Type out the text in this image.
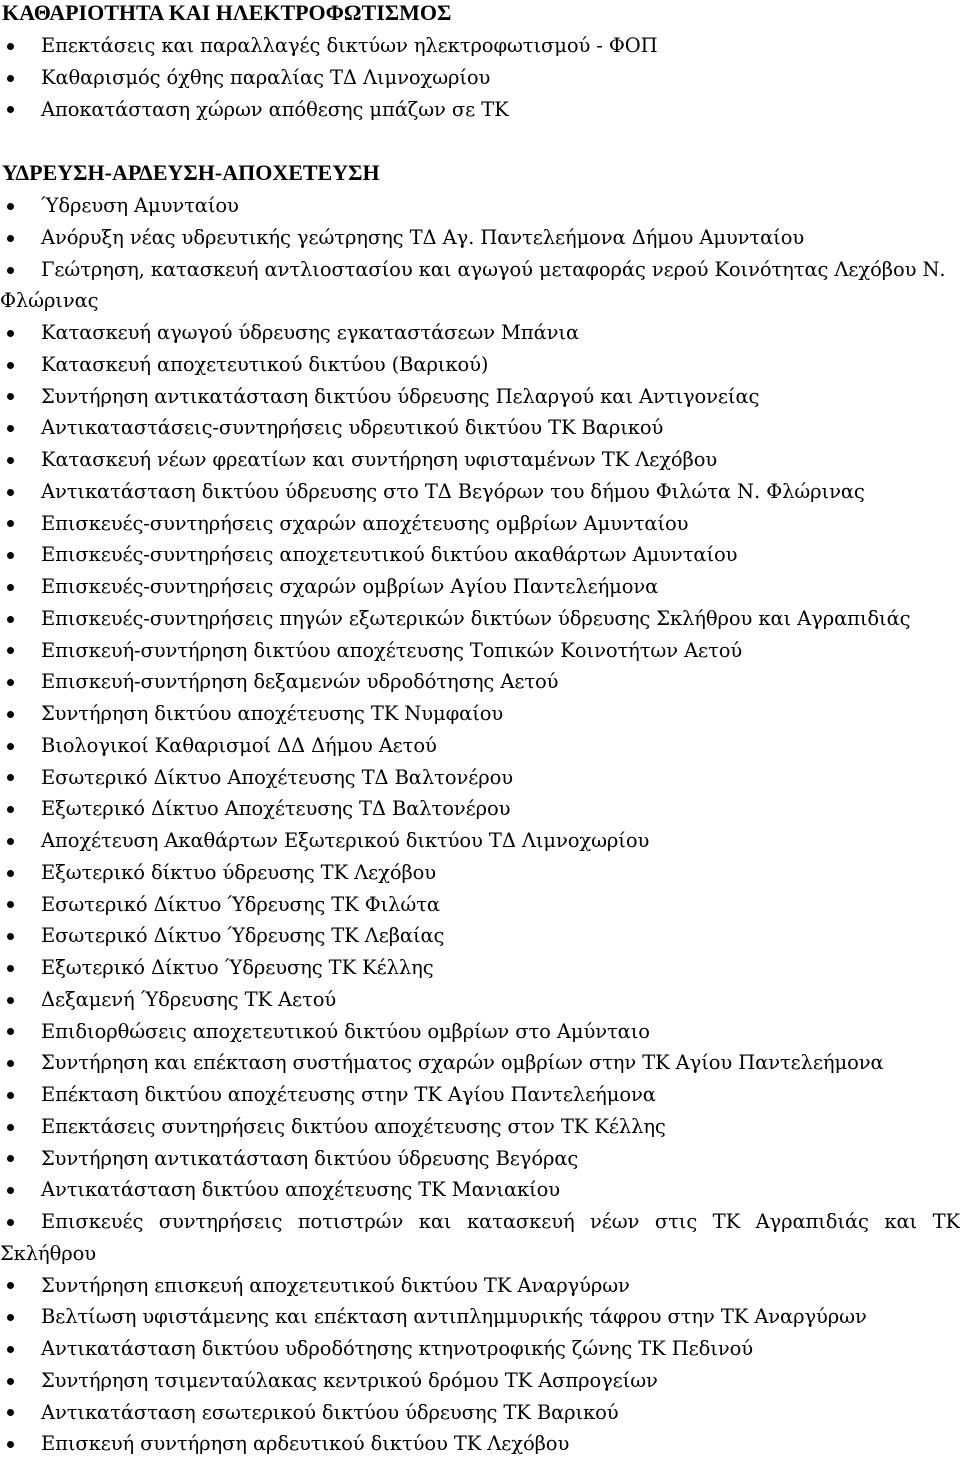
ΚΑΘΑΡΙΟΤΗΤΑ ΚΑΙ ΗΛΕΚΤΡΟΦΩΤΙΣΜΟΣ
Επεκτάσεις και παραλλαγές δικτύων ηλεκτροφωτισμού - ΦΟΠ
Καθαρισμός όχθης παραλίας ΤΔ Λιμνοχωρίου
Αποκατάσταση χώρων απόθεσης μπάζων σε ΤΚ
ΥΔΡΕΥΣΗ-ΑΡΔΕΥΣΗ-ΑΠΟΧΕΤΕΥΣΗ
Ύδρευση Αμυνταίου
Ανόρυξη νέας υδρευτικής γεώτρησης ΤΔ Αγ. Παντελεήμονα Δήμου Αμυνταίου
Γεώτρηση, κατασκευή αντλιοστασίου και αγωγού μεταφοράς νερού Κοινότητας Λεχόβου Ν. Φλώρινας
Κατασκευή αγωγού ύδρευσης εγκαταστάσεων Μπάνια
Κατασκευή αποχετευτικού δικτύου (Βαρικού)
Συντήρηση αντικατάσταση δικτύου ύδρευσης Πελαργού και Αντιγονείας
Αντικαταστάσεις-συντηρήσεις υδρευτικού δικτύου ΤΚ Βαρικού
Κατασκευή νέων φρεατίων και συντήρηση υφισταμένων ΤΚ Λεχόβου
Αντικατάσταση δικτύου ύδρευσης στο ΤΔ Βεγόρων του δήμου Φιλώτα Ν. Φλώρινας
Επισκευές-συντηρήσεις σχαρών αποχέτευσης ομβρίων Αμυνταίου
Επισκευές-συντηρήσεις αποχετευτικού δικτύου ακαθάρτων Αμυνταίου
Επισκευές-συντηρήσεις σχαρών ομβρίων Αγίου Παντελεήμονα
Επισκευές-συντηρήσεις πηγών εξωτερικών δικτύων ύδρευσης Σκλήθρου και Αγραπιδιάς
Επισκευή-συντήρηση δικτύου αποχέτευσης Τοπικών Κοινοτήτων Αετού
Επισκευή-συντήρηση δεξαμενών υδροδότησης Αετού
Συντήρηση δικτύου αποχέτευσης ΤΚ Νυμφαίου
Βιολογικοί Καθαρισμοί ΔΔ Δήμου Αετού
Εσωτερικό Δίκτυο Αποχέτευσης ΤΔ Βαλτονέρου
Εξωτερικό Δίκτυο Αποχέτευσης ΤΔ Βαλτονέρου
Αποχέτευση Ακαθάρτων Εξωτερικού δικτύου ΤΔ Λιμνοχωρίου
Εξωτερικό δίκτυο ύδρευσης ΤΚ Λεχόβου
Εσωτερικό Δίκτυο Ύδρευσης ΤΚ Φιλώτα
Εσωτερικό Δίκτυο Ύδρευσης ΤΚ Λεβαίας
Εξωτερικό Δίκτυο Ύδρευσης ΤΚ Κέλλης
Δεξαμενή Ύδρευσης ΤΚ Αετού
Επιδιορθώσεις αποχετευτικού δικτύου ομβρίων στο Αμύνταιο
Συντήρηση και επέκταση συστήματος σχαρών ομβρίων στην ΤΚ Αγίου Παντελεήμονα
Επέκταση δικτύου αποχέτευσης στην ΤΚ Αγίου Παντελεήμονα
Επεκτάσεις συντηρήσεις δικτύου αποχέτευσης στον ΤΚ Κέλλης
Συντήρηση αντικατάσταση δικτύου ύδρευσης Βεγόρας
Αντικατάσταση δικτύου αποχέτευσης ΤΚ Μανιακίου
Επισκευές συντηρήσεις ποτιστρών και κατασκευή νέων στις ΤΚ Αγραπιδιάς και ΤΚ Σκλήθρου
Συντήρηση επισκευή αποχετευτικού δικτύου ΤΚ Αναργύρων
Βελτίωση υφιστάμενης και επέκταση αντιπλημμυρικής τάφρου στην ΤΚ Αναργύρων
Αντικατάσταση δικτύου υδροδότησης κτηνοτροφικής ζώνης ΤΚ Πεδινού
Συντήρηση τσιμενταύλακας κεντρικού δρόμου ΤΚ Ασπρογείων
Αντικατάσταση εσωτερικού δικτύου ύδρευσης ΤΚ Βαρικού
Επισκευή συντήρηση αρδευτικού δικτύου ΤΚ Λεχόβου
